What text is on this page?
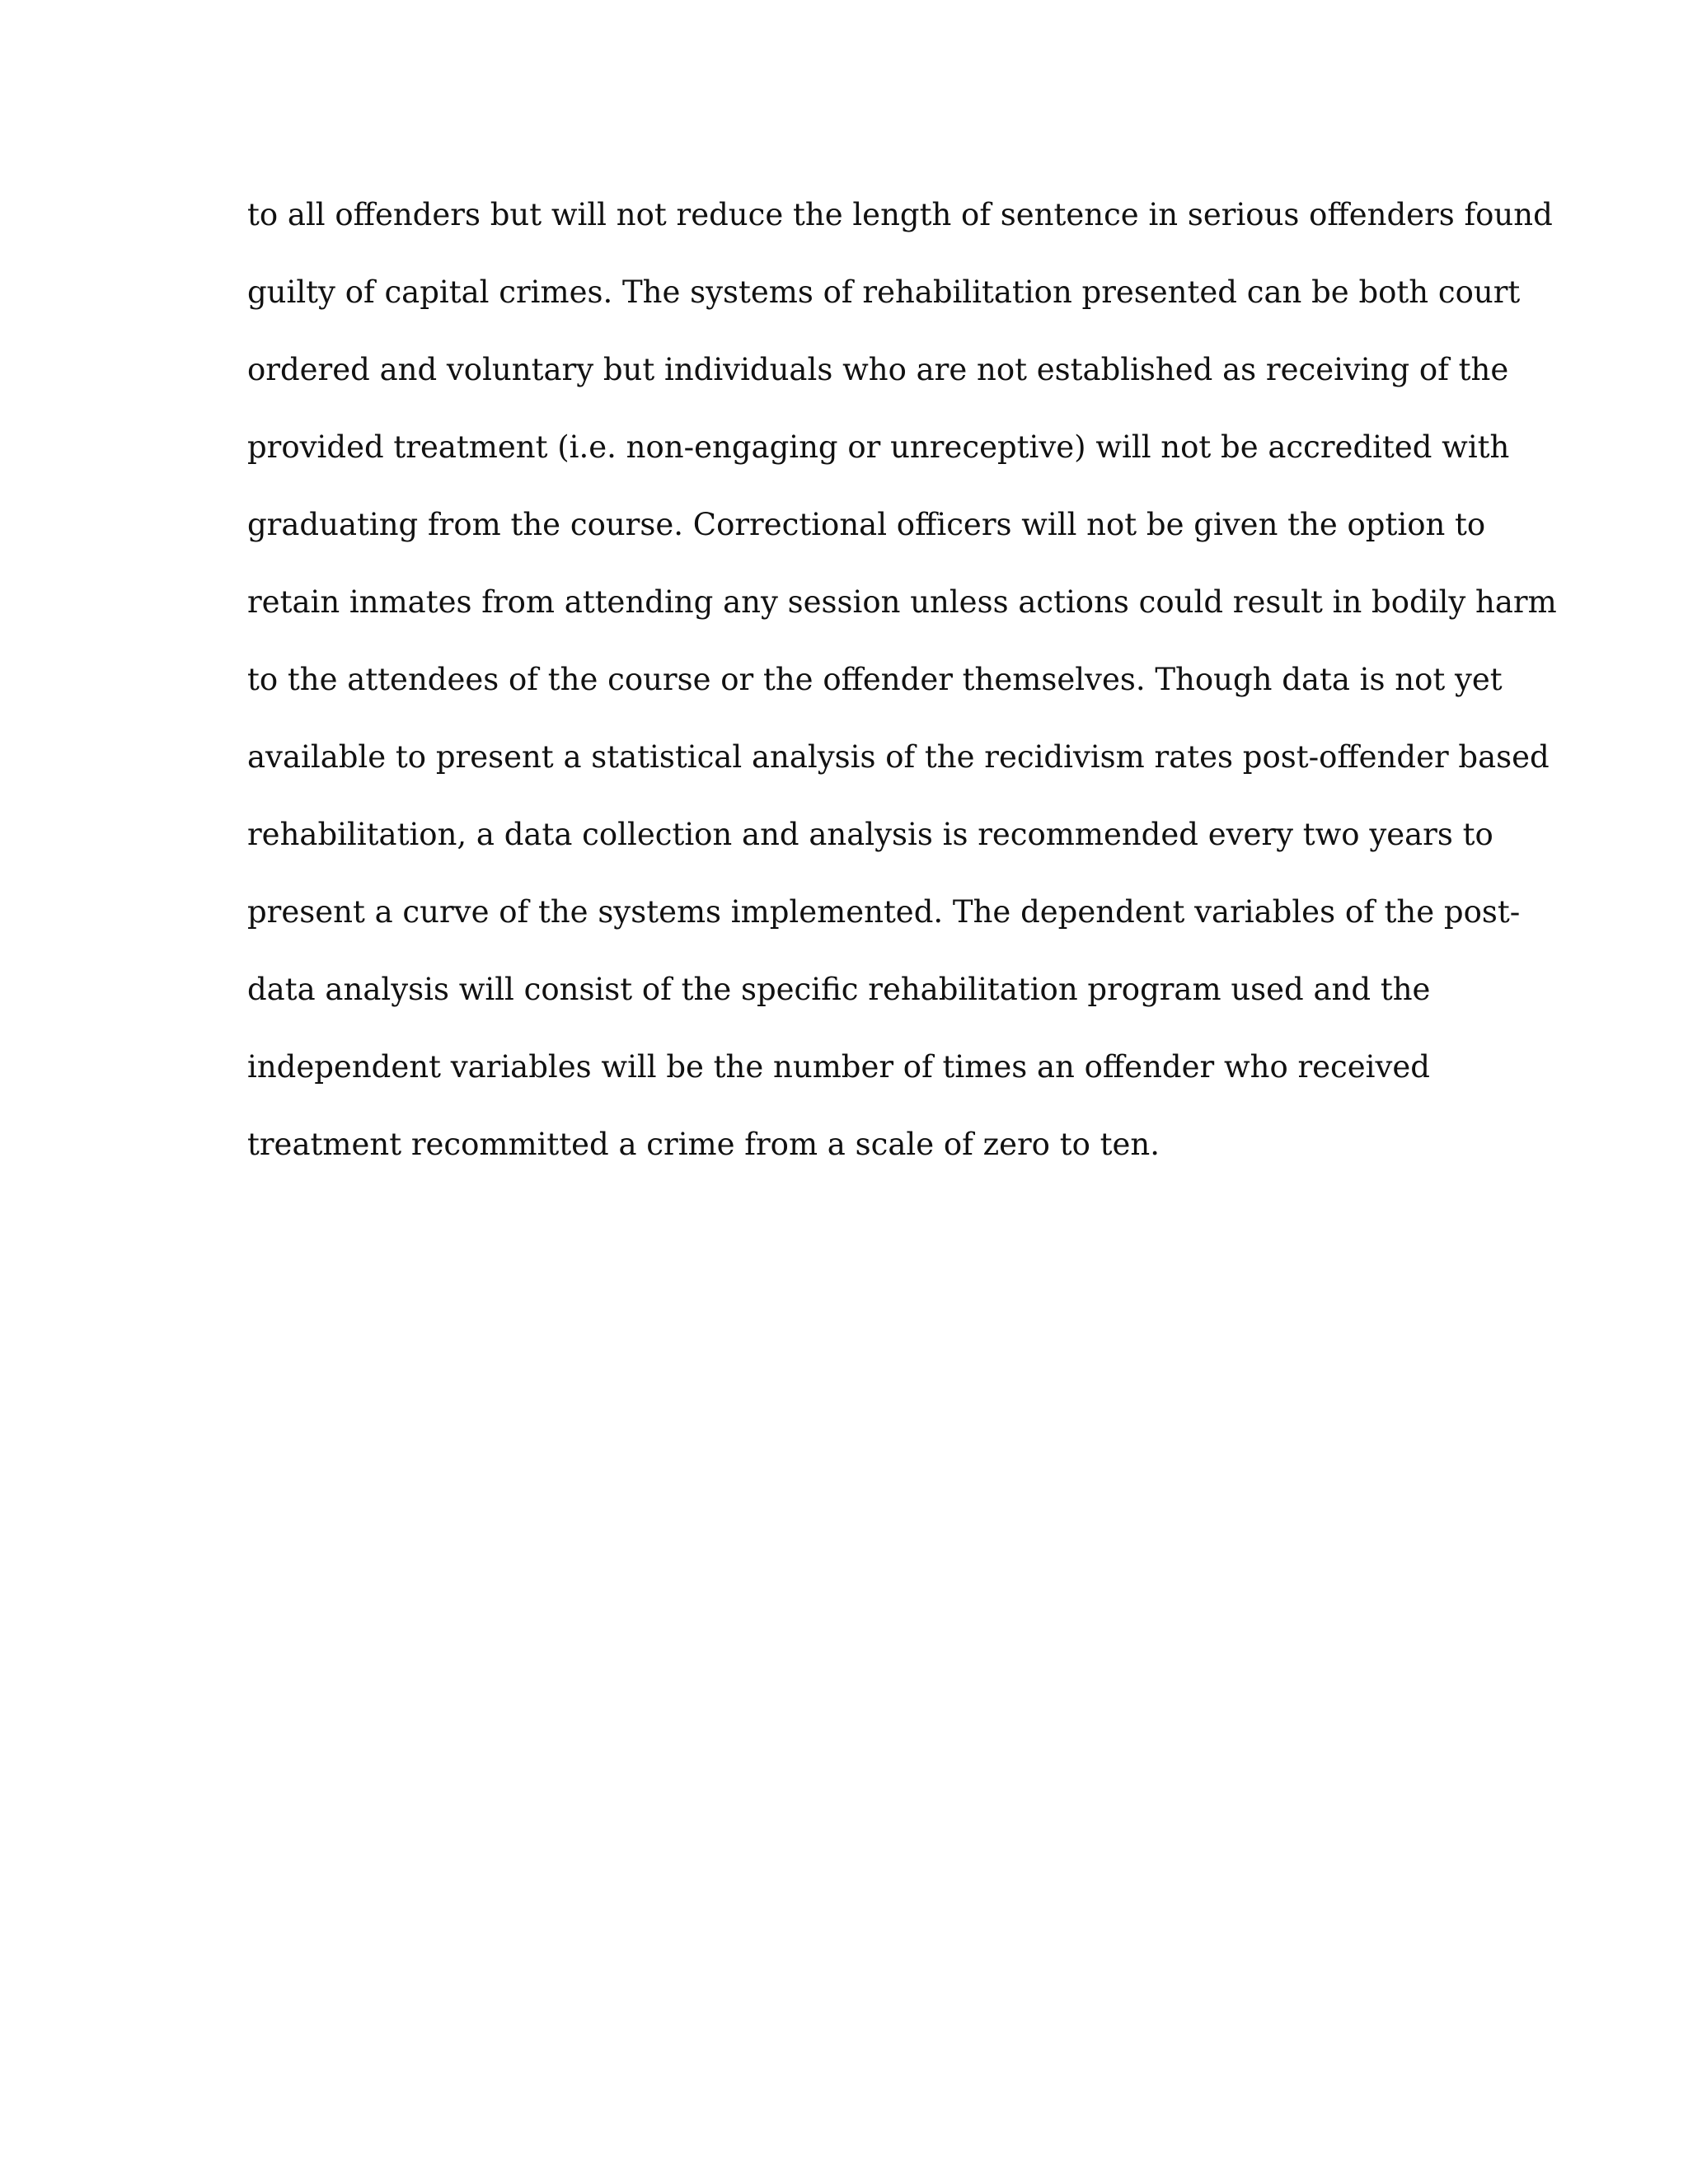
to all offenders but will not reduce the length of sentence in serious offenders found
guilty of capital crimes. The systems of rehabilitation presented can be both court
ordered and voluntary but individuals who are not established as receiving of the
provided treatment (i.e. non-engaging or unreceptive) will not be accredited with
graduating from the course. Correctional officers will not be given the option to
retain inmates from attending any session unless actions could result in bodily harm
to the attendees of the course or the offender themselves. Though data is not yet
available to present a statistical analysis of the recidivism rates post-offender based
rehabilitation, a data collection and analysis is recommended every two years to
present a curve of the systems implemented. The dependent variables of the post-
data analysis will consist of the specific rehabilitation program used and the
independent variables will be the number of times an offender who received
treatment recommitted a crime from a scale of zero to ten.
